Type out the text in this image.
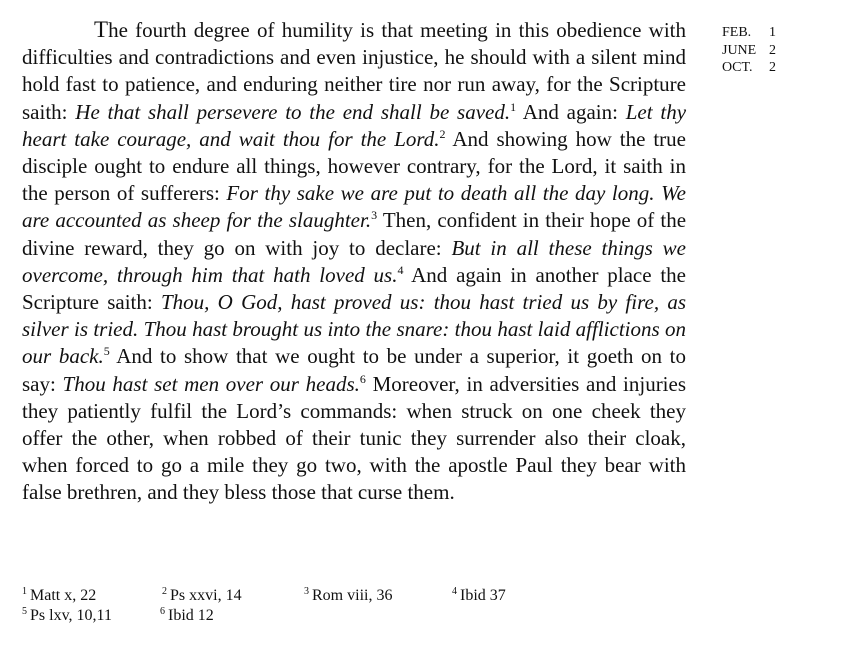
The fourth degree of humility is that meeting in this obedience with difficulties and contradictions and even injustice, he should with a silent mind hold fast to patience, and enduring neither tire nor run away, for the Scripture saith: He that shall persevere to the end shall be saved.$^1$ And again: Let thy heart take courage, and wait thou for the Lord.$^2$ And showing how the true disciple ought to endure all things, however contrary, for the Lord, it saith in the person of sufferers: For thy sake we are put to death all the day long. We are accounted as sheep for the slaughter.$^3$ Then, confident in their hope of the divine reward, they go on with joy to declare: But in all these things we overcome, through him that hath loved us.$^4$ And again in another place the Scripture saith: Thou, O God, hast proved us: thou hast tried us by fire, as silver is tried. Thou hast brought us into the snare: thou hast laid afflictions on our back.$^5$ And to show that we ought to be under a superior, it goeth on to say: Thou hast set men over our heads.$^6$ Moreover, in adversities and injuries they patiently fulfil the Lord’s commands: when struck on one cheek they offer the other, when robbed of their tunic they surrender also their cloak, when forced to go a mile they go two, with the apostle Paul they bear with false brethren, and they bless those that curse them.

FEB. 1
JUNE 2
OCT. 2
$^1$ Matt x, 22	$^2$ Ps xxvi, 14	$^3$ Rom viii, 36	$^4$ Ibid 37
$^5$ Ps lxv, 10,11	$^6$ Ibid 12
